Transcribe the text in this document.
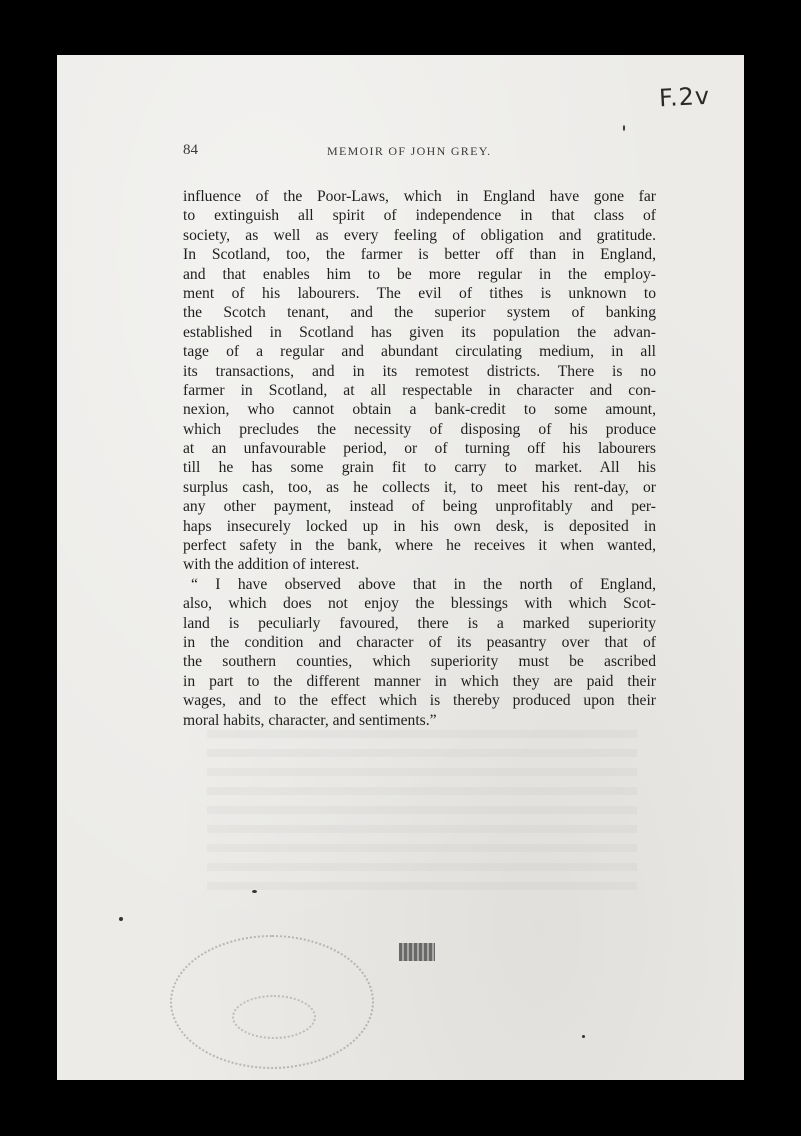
F.2v
84	MEMOIR OF JOHN GREY.
influence of the Poor-Laws, which in England have gone far
to extinguish all spirit of independence in that class of
society, as well as every feeling of obligation and gratitude.
In Scotland, too, the farmer is better off than in England,
and that enables him to be more regular in the employ-
ment of his labourers. The evil of tithes is unknown to
the Scotch tenant, and the superior system of banking
established in Scotland has given its population the advan-
tage of a regular and abundant circulating medium, in all
its transactions, and in its remotest districts. There is no
farmer in Scotland, at all respectable in character and con-
nexion, who cannot obtain a bank-credit to some amount,
which precludes the necessity of disposing of his produce
at an unfavourable period, or of turning off his labourers
till he has some grain fit to carry to market. All his
surplus cash, too, as he collects it, to meet his rent-day, or
any other payment, instead of being unprofitably and per-
haps insecurely locked up in his own desk, is deposited in
perfect safety in the bank, where he receives it when wanted,
with the addition of interest.
“ I have observed above that in the north of England,
also, which does not enjoy the blessings with which Scot-
land is peculiarly favoured, there is a marked superiority
in the condition and character of its peasantry over that of
the southern counties, which superiority must be ascribed
in part to the different manner in which they are paid their
wages, and to the effect which is thereby produced upon their
moral habits, character, and sentiments.”
